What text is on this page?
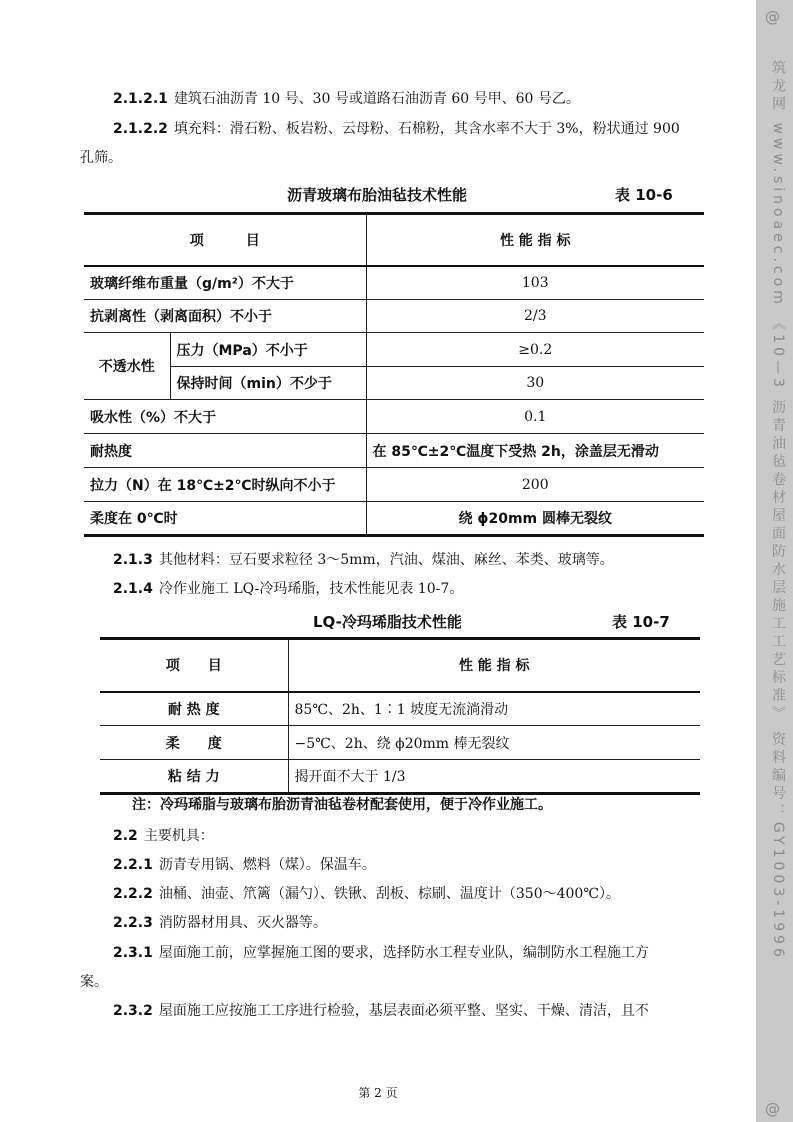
@
筑龙网 www.sinoaec.com 《10—3 沥青油毡卷材屋面防水层施工工艺标准》 资料编号：GY1003-1996
@
2.1.2.1 建筑石油沥青 10 号、30 号或道路石油沥青 60 号甲、60 号乙。
2.1.2.2 填充料：滑石粉、板岩粉、云母粉、石棉粉，其含水率不大于 3%，粉状通过 900
孔筛。
沥青玻璃布胎油毡技术性能	表 10-6
项　　　目		性 能 指 标
玻璃纤维布重量（g/m²）不大于		103
抗剥离性（剥离面积）不小于		2/3
不透水性	压力（MPa）不小于	≥0.2
	保持时间（min）不少于	30
吸水性（%）不大于		0.1
耐热度		在 85℃±2℃温度下受热 2h，涂盖层无滑动
拉力（N）在 18℃±2℃时纵向不小于		200
柔度在 0℃时		绕 ϕ20mm 圆棒无裂纹
2.1.3 其他材料：豆石要求粒径 3～5mm，汽油、煤油、麻丝、苯类、玻璃等。
2.1.4 冷作业施工 LQ-冷玛琋脂，技术性能见表 10-7。
LQ-冷玛琋脂技术性能	表 10-7
项　　目	性 能 指 标
耐 热 度	85℃、2h、1∶1 坡度无流淌滑动
柔　　度	−5℃、2h、绕 ϕ20mm 棒无裂纹
粘 结 力	揭开面不大于 1/3
注：冷玛琋脂与玻璃布胎沥青油毡卷材配套使用，便于冷作业施工。
2.2 主要机具：
2.2.1 沥青专用锅、燃料（煤）。保温车。
2.2.2 油桶、油壶、笊篱（漏勺）、铁锹、刮板、棕刷、温度计（350～400℃）。
2.2.3 消防器材用具、灭火器等。
2.3.1 屋面施工前，应掌握施工图的要求，选择防水工程专业队，编制防水工程施工方
案。
2.3.2 屋面施工应按施工工序进行检验，基层表面必须平整、坚实、干燥、清洁，且不
第 2 页
